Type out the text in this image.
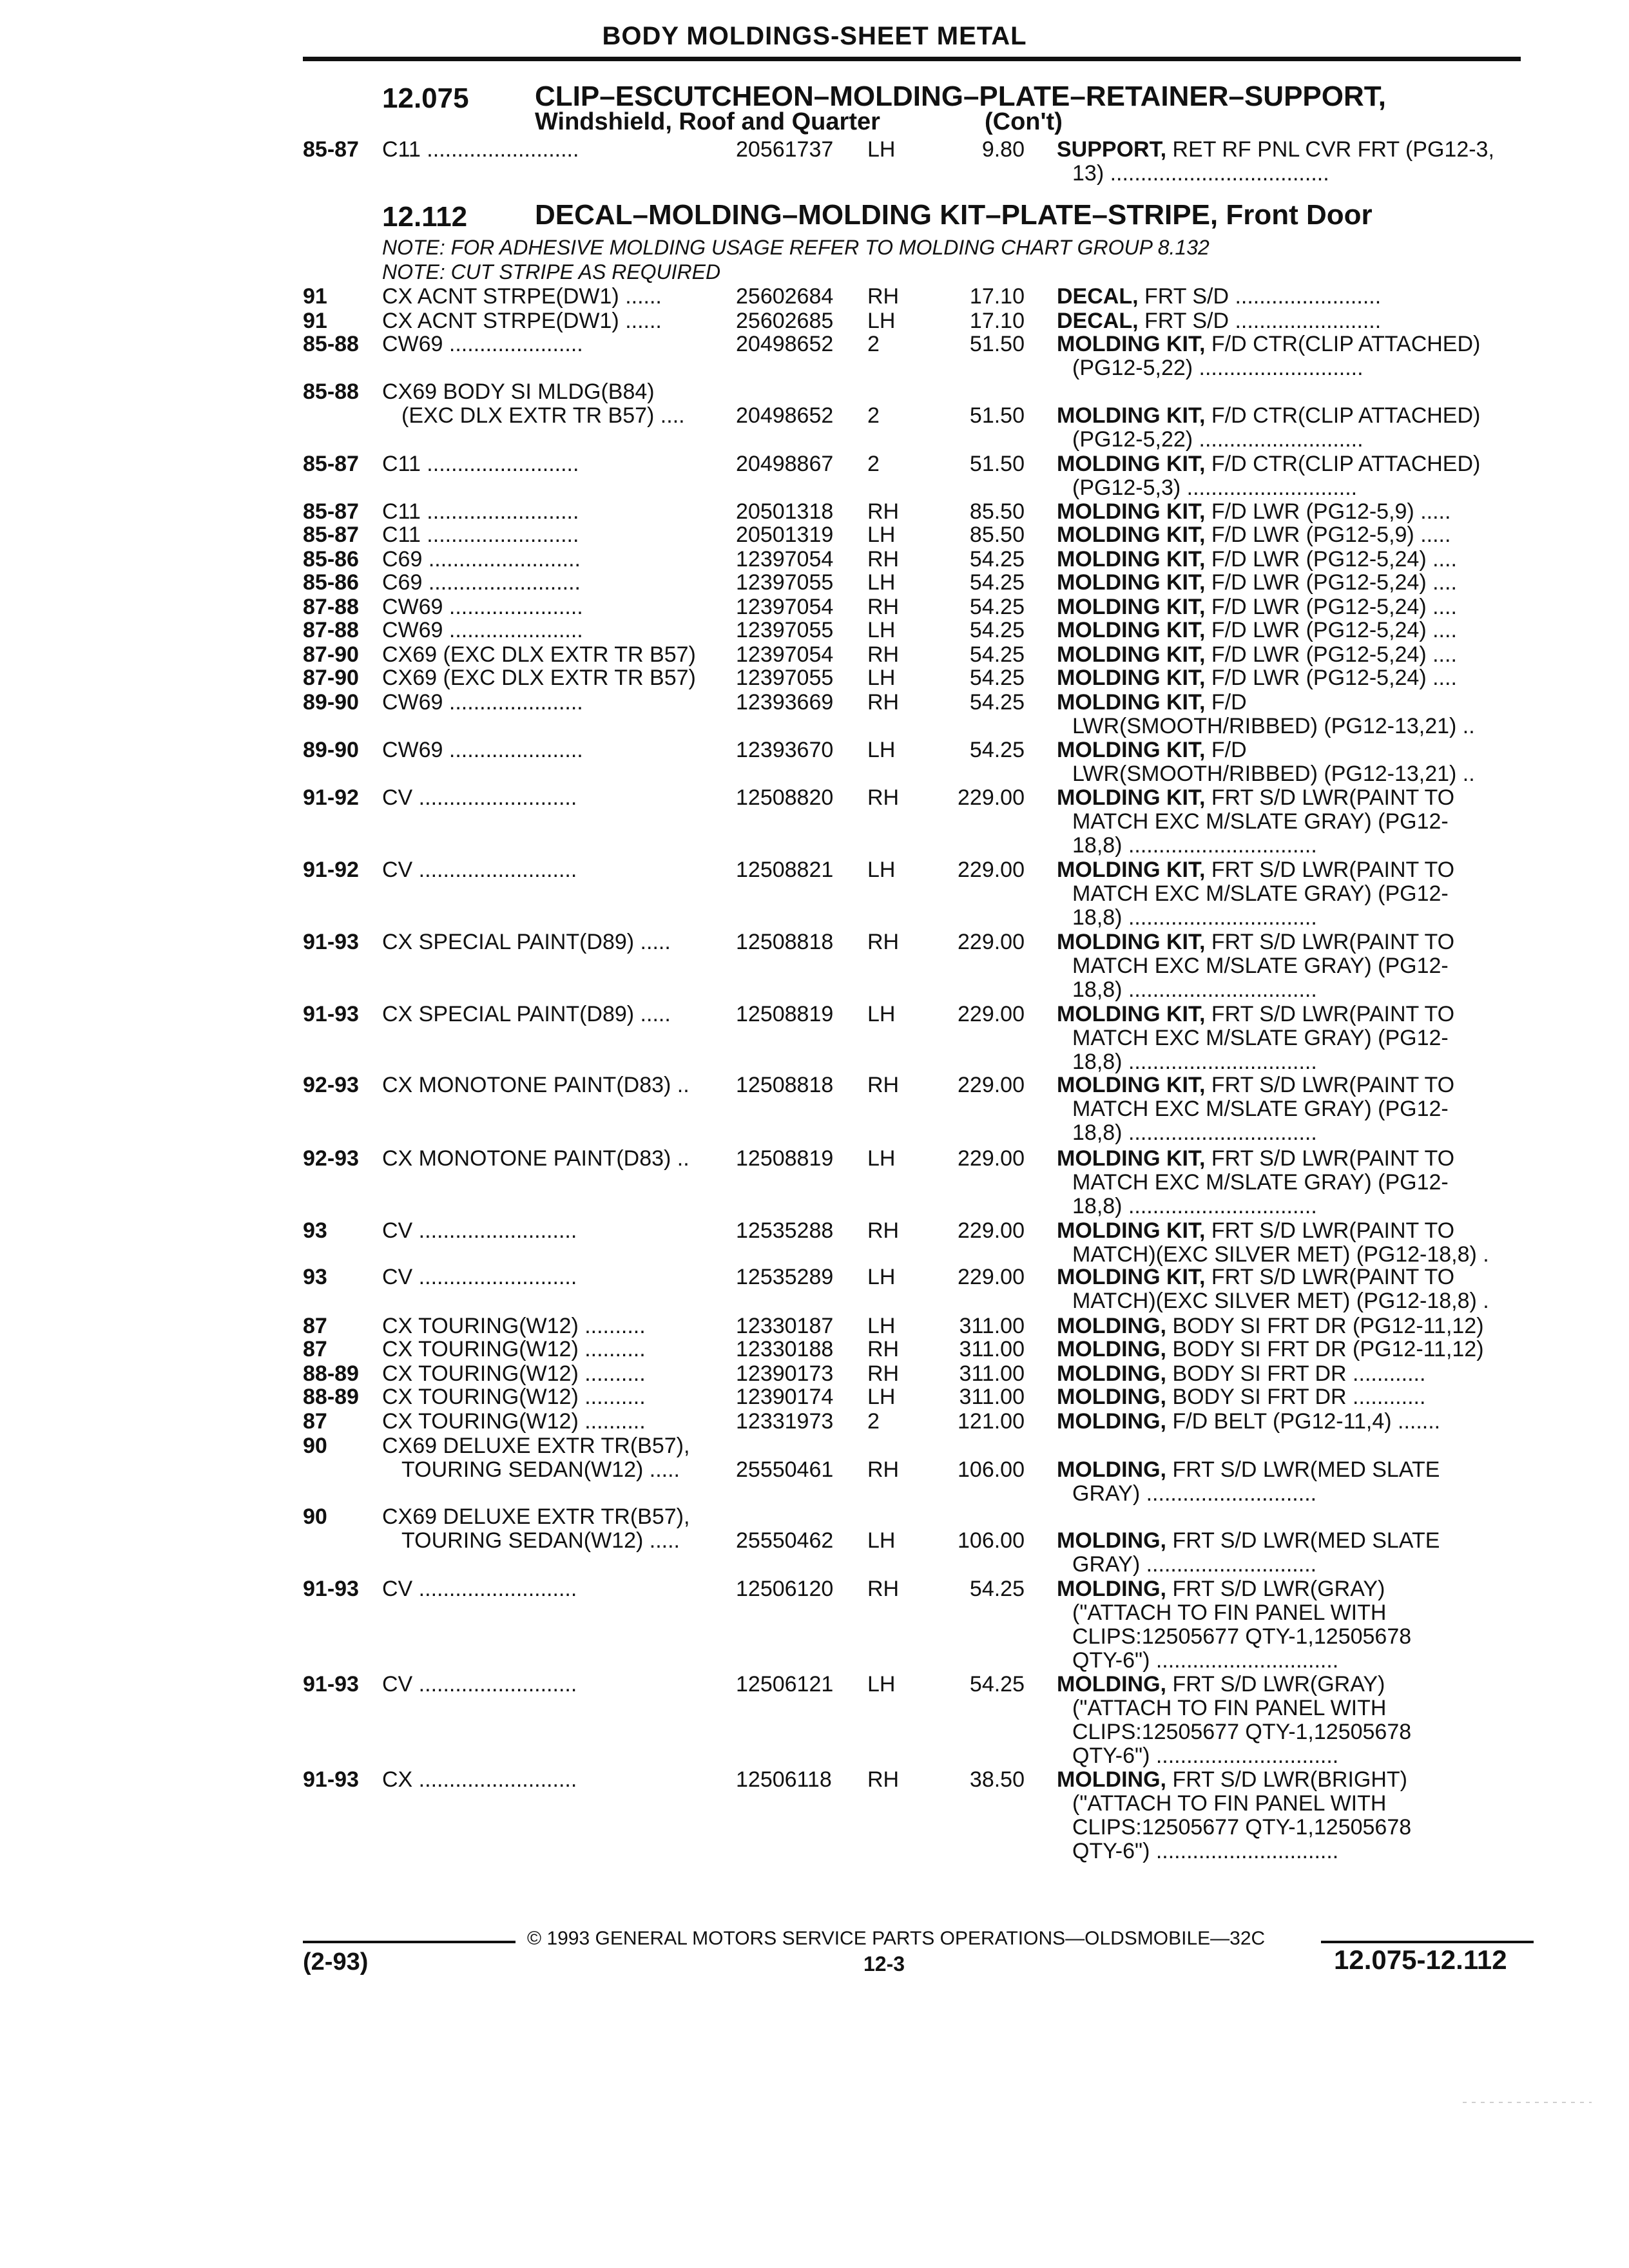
BODY MOLDINGS-SHEET METAL
12.075 CLIP–ESCUTCHEON–MOLDING–PLATE–RETAINER–SUPPORT,
Windshield, Roof and Quarter	(Con't)
12.112 DECAL–MOLDING–MOLDING KIT–PLATE–STRIPE, Front Door
NOTE: FOR ADHESIVE MOLDING USAGE REFER TO MOLDING CHART GROUP 8.132
NOTE: CUT STRIPE AS REQUIRED
85-87 C11 .........................	20561737 LH	9.80 SUPPORT, RET RF PNL CVR FRT (PG12-3,
13) ....................................
91	CX ACNT STRPE(DW1) ......	25602684 RH	17.10 DECAL, FRT S/D ........................
91	CX ACNT STRPE(DW1) ......	25602685 LH	17.10 DECAL, FRT S/D ........................
85-88 CW69 ......................	20498652 2	51.50 MOLDING KIT, F/D CTR(CLIP ATTACHED)
(PG12-5,22) ...........................
85-88 CX69 BODY SI MLDG(B84)
(EXC DLX EXTR TR B57) ....	20498652 2	51.50 MOLDING KIT, F/D CTR(CLIP ATTACHED)
(PG12-5,22) ...........................
85-87 C11 .........................	20498867 2	51.50 MOLDING KIT, F/D CTR(CLIP ATTACHED)
(PG12-5,3) ............................
85-87 C11 .........................	20501318 RH	85.50 MOLDING KIT, F/D LWR (PG12-5,9) .....
85-87 C11 .........................	20501319 LH	85.50 MOLDING KIT, F/D LWR (PG12-5,9) .....
85-86 C69 .........................	12397054 RH	54.25 MOLDING KIT, F/D LWR (PG12-5,24) ....
85-86 C69 .........................	12397055 LH	54.25 MOLDING KIT, F/D LWR (PG12-5,24) ....
87-88 CW69 ......................	12397054 RH	54.25 MOLDING KIT, F/D LWR (PG12-5,24) ....
87-88 CW69 ......................	12397055 LH	54.25 MOLDING KIT, F/D LWR (PG12-5,24) ....
87-90 CX69 (EXC DLX EXTR TR B57)	12397054 RH	54.25 MOLDING KIT, F/D LWR (PG12-5,24) ....
87-90 CX69 (EXC DLX EXTR TR B57)	12397055 LH	54.25 MOLDING KIT, F/D LWR (PG12-5,24) ....
89-90 CW69 ......................	12393669 RH	54.25 MOLDING KIT, F/D
LWR(SMOOTH/RIBBED) (PG12-13,21) ..
89-90 CW69 ......................	12393670 LH	54.25 MOLDING KIT, F/D
LWR(SMOOTH/RIBBED) (PG12-13,21) ..
91-92 CV ..........................	12508820 RH	229.00 MOLDING KIT, FRT S/D LWR(PAINT TO
MATCH EXC M/SLATE GRAY) (PG12-
18,8) ...............................
91-92 CV ..........................	12508821 LH	229.00 MOLDING KIT, FRT S/D LWR(PAINT TO
MATCH EXC M/SLATE GRAY) (PG12-
18,8) ...............................
91-93 CX SPECIAL PAINT(D89) .....	12508818 RH	229.00 MOLDING KIT, FRT S/D LWR(PAINT TO
MATCH EXC M/SLATE GRAY) (PG12-
18,8) ...............................
91-93 CX SPECIAL PAINT(D89) .....	12508819 LH	229.00 MOLDING KIT, FRT S/D LWR(PAINT TO
MATCH EXC M/SLATE GRAY) (PG12-
18,8) ...............................
92-93 CX MONOTONE PAINT(D83) ..	12508818 RH	229.00 MOLDING KIT, FRT S/D LWR(PAINT TO
MATCH EXC M/SLATE GRAY) (PG12-
18,8) ...............................
92-93 CX MONOTONE PAINT(D83) ..	12508819 LH	229.00 MOLDING KIT, FRT S/D LWR(PAINT TO
MATCH EXC M/SLATE GRAY) (PG12-
18,8) ...............................
93	CV ..........................	12535288 RH	229.00 MOLDING KIT, FRT S/D LWR(PAINT TO
MATCH)(EXC SILVER MET) (PG12-18,8) .
93	CV ..........................	12535289 LH	229.00 MOLDING KIT, FRT S/D LWR(PAINT TO
MATCH)(EXC SILVER MET) (PG12-18,8) .
87	CX TOURING(W12) ..........	12330187 LH	311.00 MOLDING, BODY SI FRT DR (PG12-11,12)
87	CX TOURING(W12) ..........	12330188 RH	311.00 MOLDING, BODY SI FRT DR (PG12-11,12)
88-89 CX TOURING(W12) ..........	12390173 RH	311.00 MOLDING, BODY SI FRT DR ............
88-89 CX TOURING(W12) ..........	12390174 LH	311.00 MOLDING, BODY SI FRT DR ............
87	CX TOURING(W12) ..........	12331973 2	121.00 MOLDING, F/D BELT (PG12-11,4) .......
90	CX69 DELUXE EXTR TR(B57),
TOURING SEDAN(W12) .....	25550461 RH	106.00 MOLDING, FRT S/D LWR(MED SLATE
GRAY) ............................
90	CX69 DELUXE EXTR TR(B57),
TOURING SEDAN(W12) .....	25550462 LH	106.00 MOLDING, FRT S/D LWR(MED SLATE
GRAY) ............................
91-93 CV ..........................	12506120 RH	54.25 MOLDING, FRT S/D LWR(GRAY)
("ATTACH TO FIN PANEL WITH
CLIPS:12505677 QTY-1,12505678
QTY-6") ..............................
91-93 CV ..........................	12506121 LH	54.25 MOLDING, FRT S/D LWR(GRAY)
("ATTACH TO FIN PANEL WITH
CLIPS:12505677 QTY-1,12505678
QTY-6") ..............................
91-93 CX ..........................	12506118 RH	38.50 MOLDING, FRT S/D LWR(BRIGHT)
("ATTACH TO FIN PANEL WITH
CLIPS:12505677 QTY-1,12505678
QTY-6") ..............................
© 1993 GENERAL MOTORS SERVICE PARTS OPERATIONS—OLDSMOBILE—32C
(2-93)	12-3	12.075-12.112
